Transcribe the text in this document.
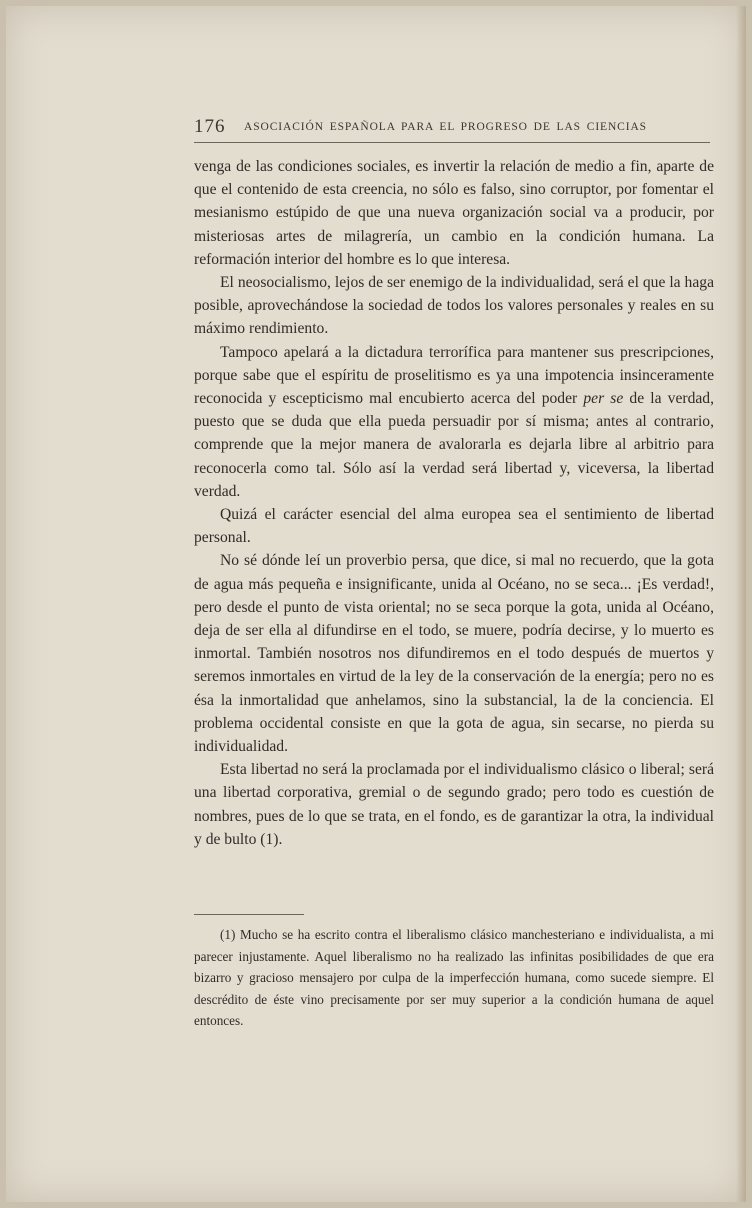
176 ASOCIACIÓN ESPAÑOLA PARA EL PROGRESO DE LAS CIENCIAS

venga de las condiciones sociales, es invertir la relación de medio a fin, aparte de que el contenido de esta creencia, no sólo es falso, sino corruptor, por fomentar el mesianismo estúpido de que una nueva organización social va a producir, por misteriosas artes de milagrería, un cambio en la condición humana. La reformación interior del hombre es lo que interesa.

El neosocialismo, lejos de ser enemigo de la individualidad, será el que la haga posible, aprovechándose la sociedad de todos los valores personales y reales en su máximo rendimiento.

Tampoco apelará a la dictadura terrorífica para mantener sus prescripciones, porque sabe que el espíritu de proselitismo es ya una impotencia insinceramente reconocida y escepticismo mal encubierto acerca del poder per se de la verdad, puesto que se duda que ella pueda persuadir por sí misma; antes al contrario, comprende que la mejor manera de avalorarla es dejarla libre al arbitrio para reconocerla como tal. Sólo así la verdad será libertad y, viceversa, la libertad verdad.

Quizá el carácter esencial del alma europea sea el sentimiento de libertad personal.

No sé dónde leí un proverbio persa, que dice, si mal no recuerdo, que la gota de agua más pequeña e insignificante, unida al Océano, no se seca... ¡Es verdad!, pero desde el punto de vista oriental; no se seca porque la gota, unida al Océano, deja de ser ella al difundirse en el todo, se muere, podría decirse, y lo muerto es inmortal. También nosotros nos difundiremos en el todo después de muertos y seremos inmortales en virtud de la ley de la conservación de la energía; pero no es ésa la inmortalidad que anhelamos, sino la substancial, la de la conciencia. El problema occidental consiste en que la gota de agua, sin secarse, no pierda su individualidad.

Esta libertad no será la proclamada por el individualismo clásico o liberal; será una libertad corporativa, gremial o de segundo grado; pero todo es cuestión de nombres, pues de lo que se trata, en el fondo, es de garantizar la otra, la individual y de bulto (1).

(1) Mucho se ha escrito contra el liberalismo clásico manchesteriano e individualista, a mi parecer injustamente. Aquel liberalismo no ha realizado las infinitas posibilidades de que era bizarro y gracioso mensajero por culpa de la imperfección humana, como sucede siempre. El descrédito de éste vino precisamente por ser muy superior a la condición humana de aquel entonces.
